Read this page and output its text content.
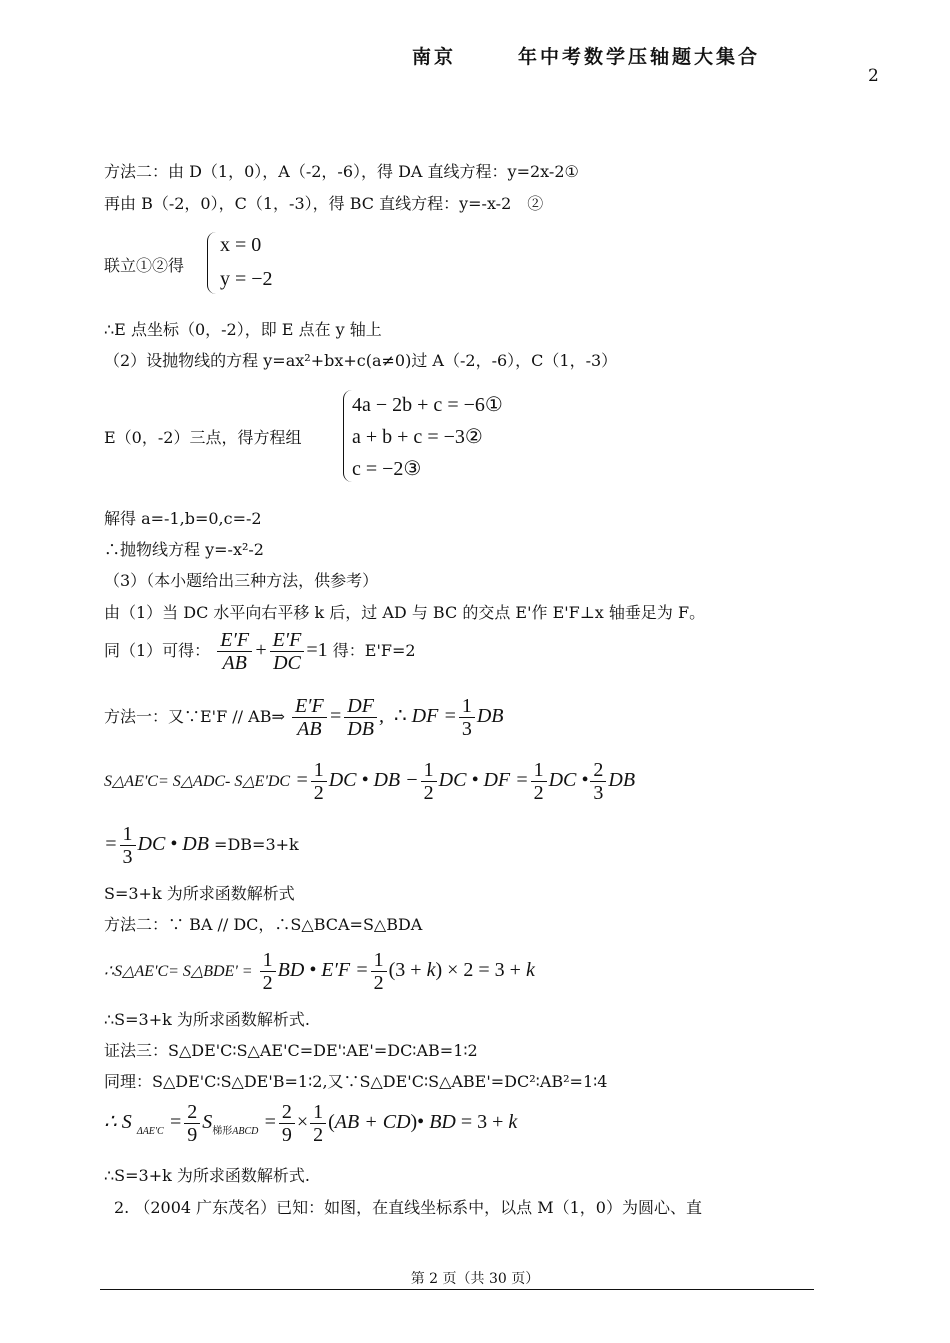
南京	年中考数学压轴题大集合
2
方法二：由 D（1，0），A（-2，-6），得 DA 直线方程：y=2x-2①
再由 B（-2，0），C（1，-3），得 BC 直线方程：y=-x-2　②
联立①②得
x = 0
y = −2
∴E 点坐标（0，-2），即 E 点在 y 轴上
（2）设抛物线的方程 y=ax²+bx+c(a≠0)过 A（-2，-6），C（1，-3）
E（0，-2）三点，得方程组
4a − 2b + c = −6①
a + b + c = −3②
c = −2③
解得 a=-1,b=0,c=-2
∴抛物线方程 y=-x²-2
（3）（本小题给出三种方法，供参考）
由（1）当 DC 水平向右平移 k 后，过 AD 与 BC 的交点 E'作 E'F⊥x 轴垂足为 F。
同（1）可得： $\frac{E'F}{AB} + \frac{E'F}{DC} =1$ 得：E'F=2
方法一：又∵E'F // AB⇒ $\frac{E'F}{AB} = \frac{DF}{DB}$ ,  ∴ DF = $\frac{1}{3}$ DB
S△AE'C= S△ADC- S△E'DC = $\frac{1}{2}$ DC • DB − $\frac{1}{2}$ DC • DF = $\frac{1}{2}$ DC • $\frac{2}{3}$ DB
= $\frac{1}{3}$ DC • DB =DB=3+k
S=3+k 为所求函数解析式
方法二：∵ BA // DC，∴S△BCA=S△BDA
∴S△AE'C= S△BDE' = $\frac{1}{2}$ BD • $E'F = \frac{1}{2} (3 + k) \times 2 = 3 + k$
∴S=3+k 为所求函数解析式.
证法三：S△DE'C∶S△AE'C=DE'∶AE'=DC∶AB=1∶2
同理：S△DE'C∶S△DE'B=1∶2,又∵S△DE'C∶S△ABE'=DC²∶AB²=1∶4
∴ S $_{\Delta AE'C} = \frac{2}{9} S_{梯形ABCD} = \frac{2}{9} \times \frac{1}{2} (AB$ + CD)• BD = 3 + k
∴S=3+k 为所求函数解析式.
2. （2004 广东茂名）已知：如图，在直线坐标系中，以点 M（1，0）为圆心、直
第 2 页（共 30 页）
